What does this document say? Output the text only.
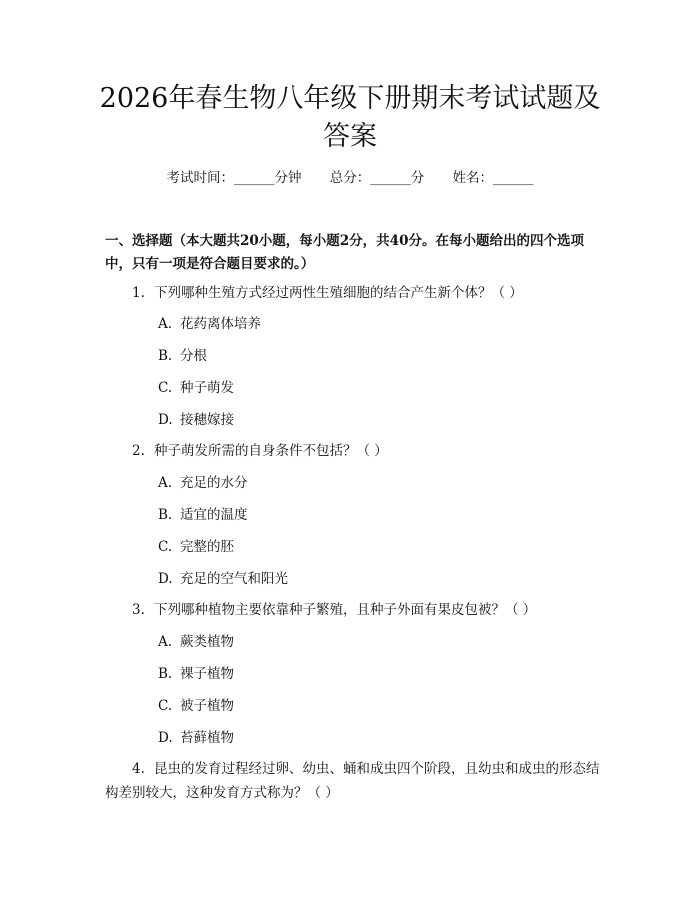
2026年春生物八年级下册期末考试试题及答案
考试时间：______分钟 总分：______分 姓名：______

一、选择题（本大题共20小题，每小题2分，共40分。在每小题给出的四个选项中，只有一项是符合题目要求的。）

1. 下列哪种生殖方式经过两性生殖细胞的结合产生新个体？（ ）

A. 花药离体培养
B. 分根
C. 种子萌发
D. 接穗嫁接

2. 种子萌发所需的自身条件不包括？（ ）

A. 充足的水分
B. 适宜的温度
C. 完整的胚
D. 充足的空气和阳光

3. 下列哪种植物主要依靠种子繁殖，且种子外面有果皮包被？（ ）

A. 蕨类植物
B. 裸子植物
C. 被子植物
D. 苔藓植物

4. 昆虫的发育过程经过卵、幼虫、蛹和成虫四个阶段，且幼虫和成虫的形态结构差别较大，这种发育方式称为？（ ）
